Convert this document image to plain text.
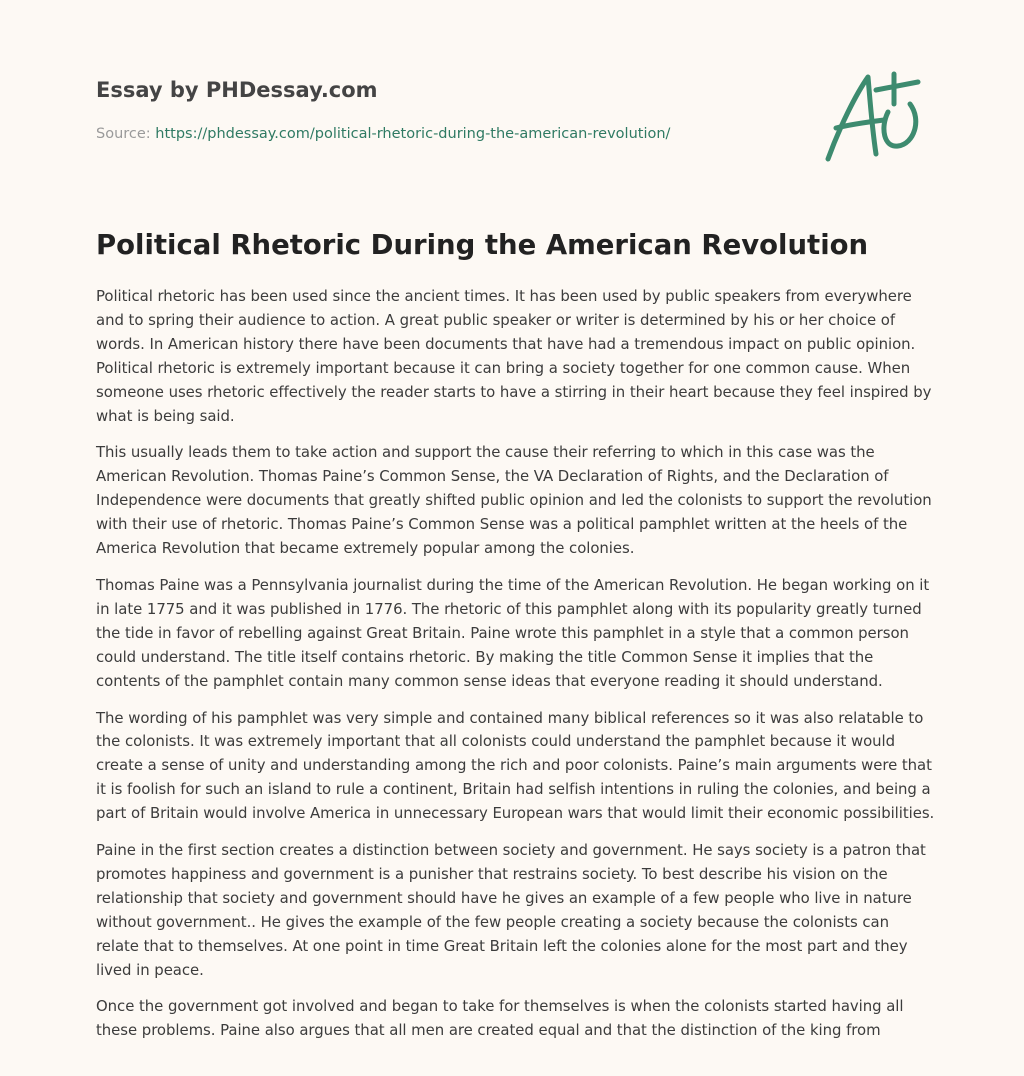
Essay by PHDessay.com
Source: https://phdessay.com/political-rhetoric-during-the-american-revolution/
Political Rhetoric During the American Revolution

Political rhetoric has been used since the ancient times. It has been used by public speakers from everywhere and to spring their audience to action. A great public speaker or writer is determined by his or her choice of words. In American history there have been documents that have had a tremendous impact on public opinion. Political rhetoric is extremely important because it can bring a society together for one common cause. When someone uses rhetoric effectively the reader starts to have a stirring in their heart because they feel inspired by what is being said.

This usually leads them to take action and support the cause their referring to which in this case was the American Revolution. Thomas Paine’s Common Sense, the VA Declaration of Rights, and the Declaration of Independence were documents that greatly shifted public opinion and led the colonists to support the revolution with their use of rhetoric. Thomas Paine’s Common Sense was a political pamphlet written at the heels of the America Revolution that became extremely popular among the colonies.

Thomas Paine was a Pennsylvania journalist during the time of the American Revolution. He began working on it in late 1775 and it was published in 1776. The rhetoric of this pamphlet along with its popularity greatly turned the tide in favor of rebelling against Great Britain. Paine wrote this pamphlet in a style that a common person could understand. The title itself contains rhetoric. By making the title Common Sense it implies that the contents of the pamphlet contain many common sense ideas that everyone reading it should understand.

The wording of his pamphlet was very simple and contained many biblical references so it was also relatable to the colonists. It was extremely important that all colonists could understand the pamphlet because it would create a sense of unity and understanding among the rich and poor colonists. Paine’s main arguments were that it is foolish for such an island to rule a continent, Britain had selfish intentions in ruling the colonies, and being a part of Britain would involve America in unnecessary European wars that would limit their economic possibilities.

Paine in the first section creates a distinction between society and government. He says society is a patron that promotes happiness and government is a punisher that restrains society. To best describe his vision on the relationship that society and government should have he gives an example of a few people who live in nature without government.. He gives the example of the few people creating a society because the colonists can relate that to themselves. At one point in time Great Britain left the colonies alone for the most part and they lived in peace.

Once the government got involved and began to take for themselves is when the colonists started having all these problems. Paine also argues that all men are created equal and that the distinction of the king from
